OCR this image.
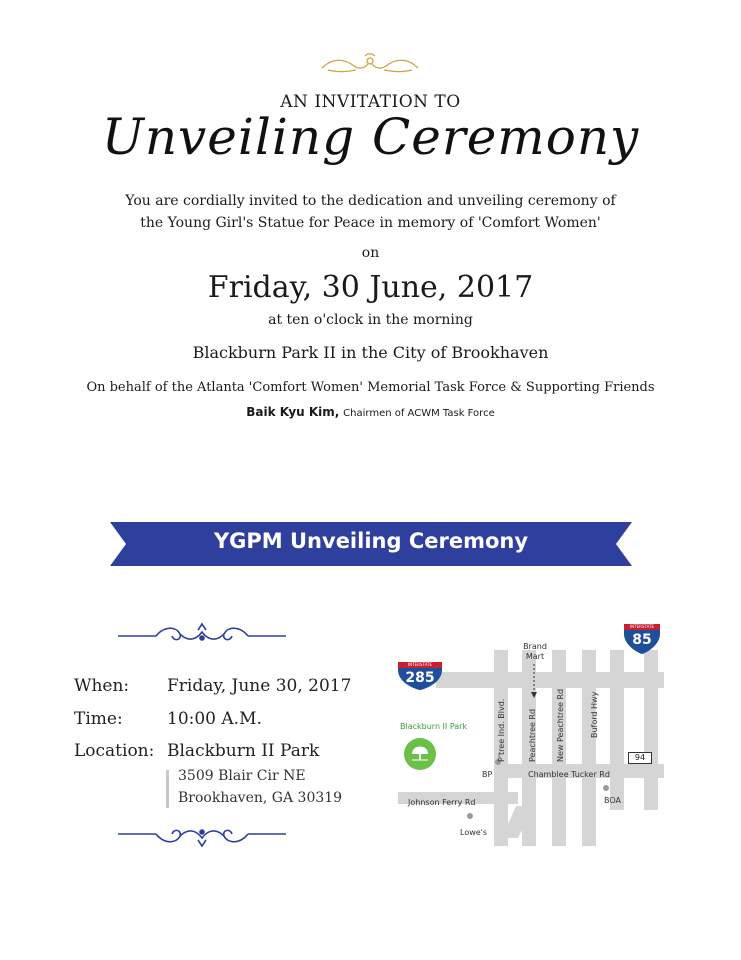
AN INVITATION TO
Unveiling Ceremony
You are cordially invited to the dedication and unveiling ceremony of
the Young Girl's Statue for Peace in memory of 'Comfort Women'
on
Friday, 30 June, 2017
at ten o'clock in the morning
Blackburn Park II in the City of Brookhaven
On behalf of the Atlanta 'Comfort Women' Memorial Task Force & Supporting Friends
Baik Kyu Kim, Chairmen of ACWM Task Force
YGPM Unveiling Ceremony
When: Friday, June 30, 2017
Time:	10:00 A.M.
Location: Blackburn II Park
3509 Blair Cir NE
Brookhaven, GA 30319
INTERSTATE
285
INTERSTATE
85
94
Brand
Mart
Blackburn II Park	P'tree Ind. Blvd.	Peachtree Rd New Peachtree Rd	Buford Hwy
BP	Chamblee Tucker Rd
Johnson Ferry Rd	BOA
Lowe's
